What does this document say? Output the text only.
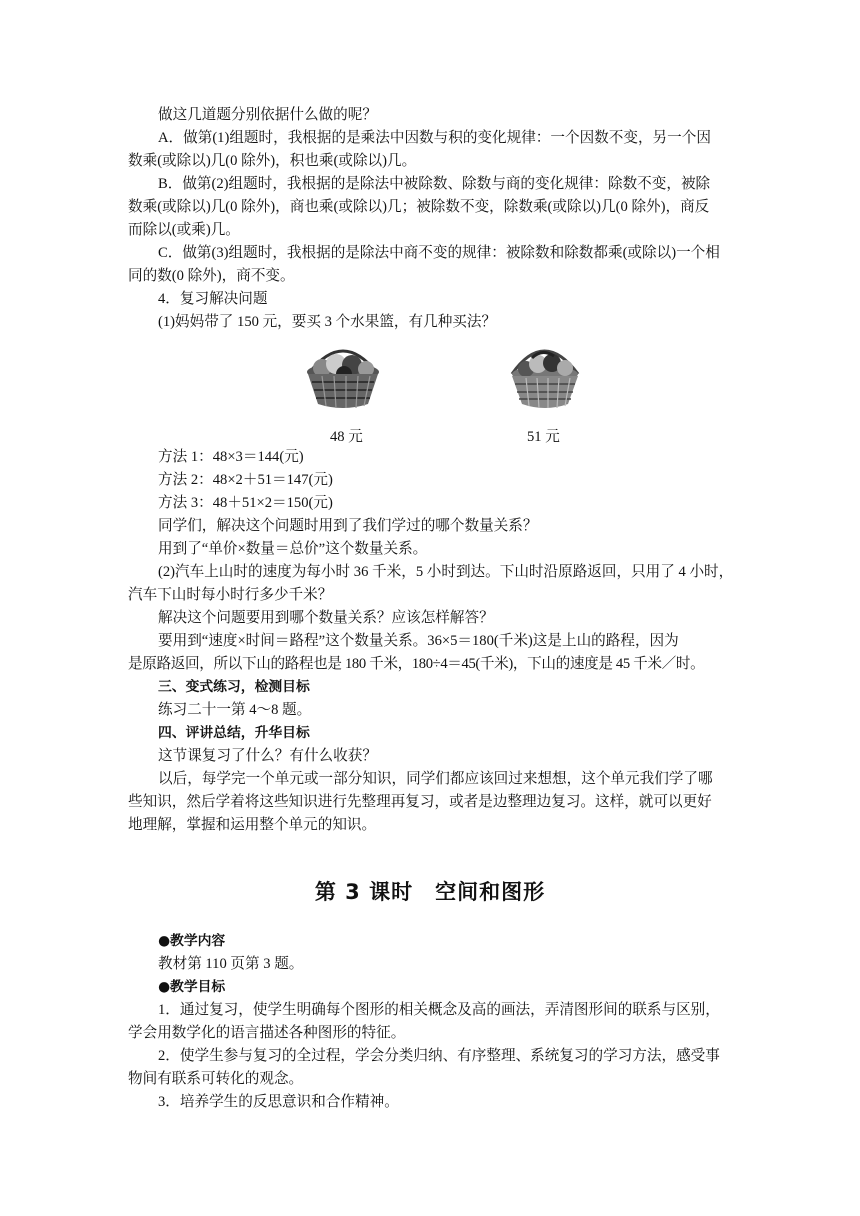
做这几道题分别依据什么做的呢？

A．做第(1)组题时，我根据的是乘法中因数与积的变化规律：一个因数不变，另一个因

数乘(或除以)几(0 除外)，积也乘(或除以)几。

B．做第(2)组题时，我根据的是除法中被除数、除数与商的变化规律：除数不变，被除

数乘(或除以)几(0 除外)，商也乘(或除以)几；被除数不变，除数乘(或除以)几(0 除外)，商反

而除以(或乘)几。

C．做第(3)组题时，我根据的是除法中商不变的规律：被除数和除数都乘(或除以)一个相

同的数(0 除外)，商不变。

4．复习解决问题

(1)妈妈带了 150 元，要买 3 个水果篮，有几种买法？

48 元	51 元

方法 1：48×3＝144(元)

方法 2：48×2＋51＝147(元)

方法 3：48＋51×2＝150(元)

同学们，解决这个问题时用到了我们学过的哪个数量关系？

用到了“单价×数量＝总价”这个数量关系。

(2)汽车上山时的速度为每小时 36 千米，5 小时到达。下山时沿原路返回，只用了 4 小时，

汽车下山时每小时行多少千米？

解决这个问题要用到哪个数量关系？应该怎样解答？

要用到“速度×时间＝路程”这个数量关系。36×5＝180(千米)这是上山的路程，因为

是原路返回，所以下山的路程也是 180 千米，180÷4＝45(千米)，下山的速度是 45 千米／时。

三、变式练习，检测目标

练习二十一第 4～8 题。

四、评讲总结，升华目标

这节课复习了什么？有什么收获？

以后，每学完一个单元或一部分知识，同学们都应该回过来想想，这个单元我们学了哪

些知识，然后学着将这些知识进行先整理再复习，或者是边整理边复习。这样，就可以更好

地理解，掌握和运用整个单元的知识。

第 3 课时　空间和图形

●教学内容

教材第 110 页第 3 题。

●教学目标

1．通过复习，使学生明确每个图形的相关概念及高的画法，弄清图形间的联系与区别，

学会用数学化的语言描述各种图形的特征。

2．使学生参与复习的全过程，学会分类归纳、有序整理、系统复习的学习方法，感受事

物间有联系可转化的观念。

3．培养学生的反思意识和合作精神。
